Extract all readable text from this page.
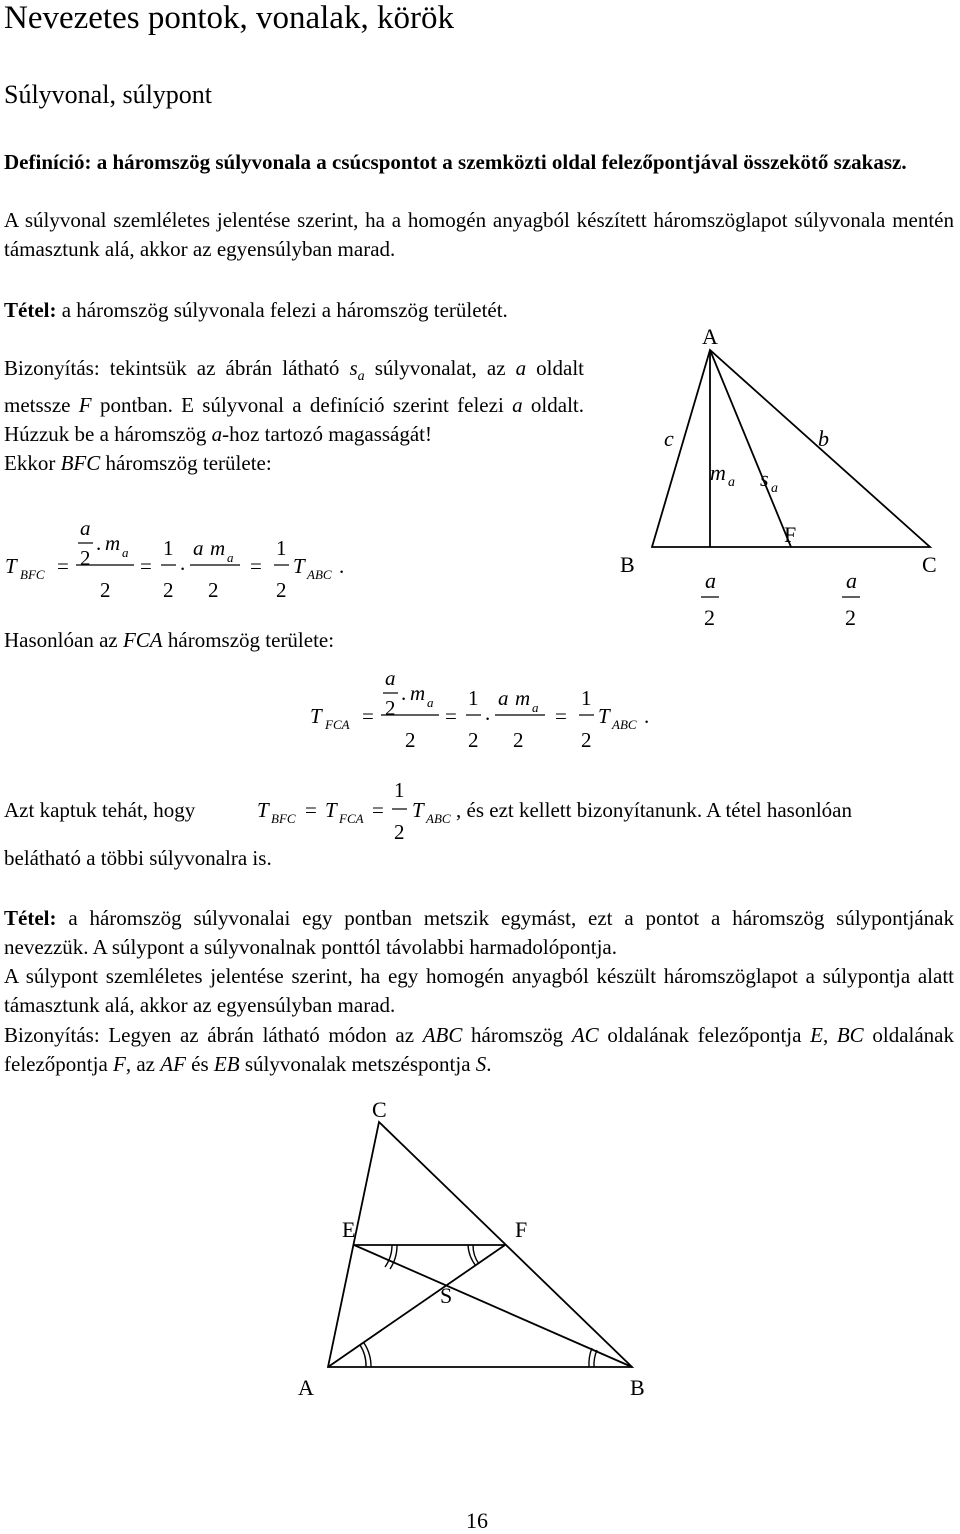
Nevezetes pontok, vonalak, körök
Súlyvonal, súlypont
Definíció: a háromszög súlyvonala a csúcspontot a szemközti oldal felezőpontjával összekötő szakasz.
A súlyvonal szemléletes jelentése szerint, ha a homogén anyagból készített háromszöglapot súlyvonala mentén támasztunk alá, akkor az egyensúlyban marad.
Tétel: a háromszög súlyvonala felezi a háromszög területét.
Bizonyítás: tekintsük az ábrán látható $s_a$ súlyvonalat, az a oldalt metssze F pontban. E súlyvonal a definíció szerint felezi a oldalt. Húzzuk be a háromszög a-hoz tartozó magasságát!
Ekkor BFC háromszög területe:
T BFC =
a
2
. m a
2
=
1
2
.
a m a
2
=
1
2
T ABC .
Hasonlóan az FCA háromszög területe:
T FCA =
a
2
. m a
2
=
1
2
.
a m a
2
=
1
2
T ABC .
A
B	C
F
c	b
m a s a
a
2
a
2
Azt kaptuk tehát, hogy	T BFC = T FCA =
1
2
T ABC , és ezt kellett bizonyítanunk. A tétel hasonlóan
belátható a többi súlyvonalra is.
Tétel: a háromszög súlyvonalai egy pontban metszik egymást, ezt a pontot a háromszög súlypontjának nevezzük. A súlypont a súlyvonalnak ponttól távolabbi harmadolópontja.
A súlypont szemléletes jelentése szerint, ha egy homogén anyagból készült háromszöglapot a súlypontja alatt támasztunk alá, akkor az egyensúlyban marad.
Bizonyítás: Legyen az ábrán látható módon az ABC háromszög AC oldalának felezőpontja E, BC oldalának felezőpontja F, az AF és EB súlyvonalak metszéspontja S.
C
A	B
E	F
S
16
